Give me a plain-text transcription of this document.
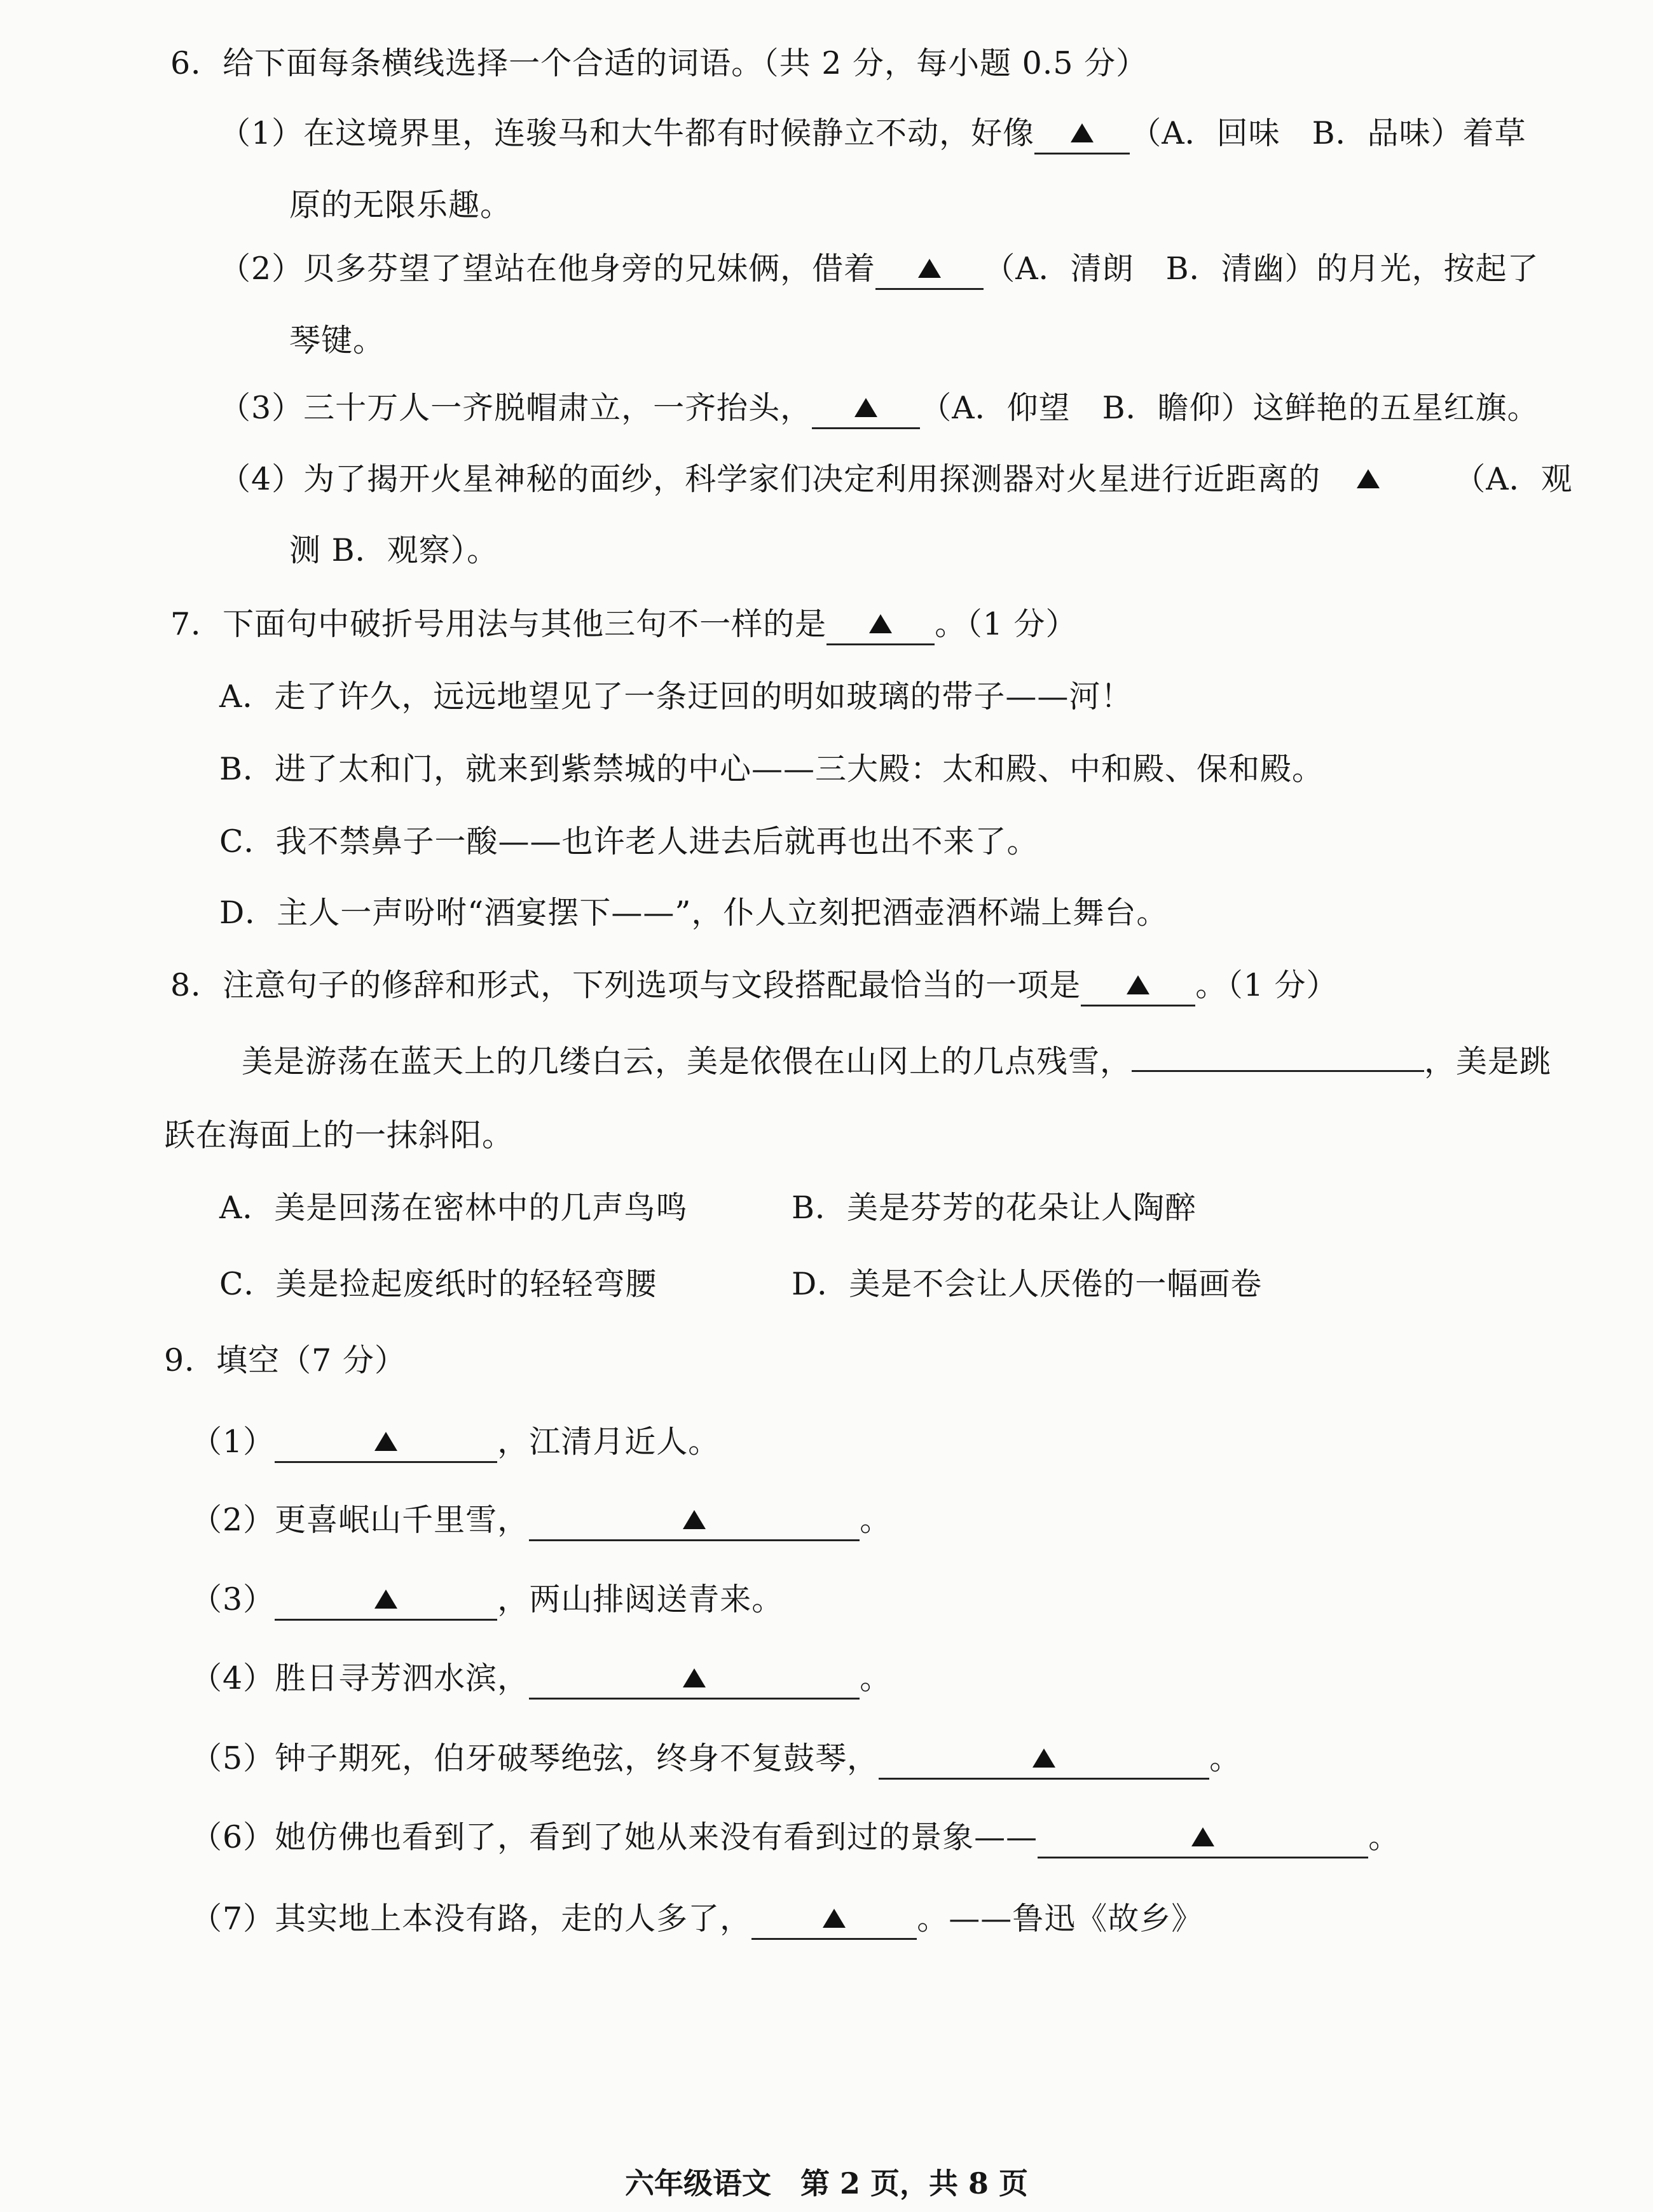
6．给下面每条横线选择一个合适的词语。（共 2 分，每小题 0.5 分）
（1）在这境界里，连骏马和大牛都有时候静立不动，好像	（A．回味　B．品味）着草
原的无限乐趣。
（2）贝多芬望了望站在他身旁的兄妹俩，借着	（A．清朗　B．清幽）的月光，按起了
琴键。
（3）三十万人一齐脱帽肃立，一齐抬头，	（A．仰望　B．瞻仰）这鲜艳的五星红旗。
（4）为了揭开火星神秘的面纱，科学家们决定利用探测器对火星进行近距离的	（A．观
测 B．观察）。
7．下面句中破折号用法与其他三句不一样的是	。（1 分）
A．走了许久，远远地望见了一条迂回的明如玻璃的带子——河！
B．进了太和门，就来到紫禁城的中心——三大殿：太和殿、中和殿、保和殿。
C．我不禁鼻子一酸——也许老人进去后就再也出不来了。
D．主人一声吩咐“酒宴摆下——”，仆人立刻把酒壶酒杯端上舞台。
8．注意句子的修辞和形式，下列选项与文段搭配最恰当的一项是	。（1 分）
美是游荡在蓝天上的几缕白云，美是依偎在山冈上的几点残雪，	，美是跳
跃在海面上的一抹斜阳。
A．美是回荡在密林中的几声鸟鸣	B．美是芬芳的花朵让人陶醉
C．美是捡起废纸时的轻轻弯腰	D．美是不会让人厌倦的一幅画卷
9．填空（7 分）
（1）	，江清月近人。
（2）更喜岷山千里雪，	。
（3）	，两山排闼送青来。
（4）胜日寻芳泗水滨，	。
（5）钟子期死，伯牙破琴绝弦，终身不复鼓琴，	。
（6）她仿佛也看到了，看到了她从来没有看到过的景象——	。
（7）其实地上本没有路，走的人多了，	。——鲁迅《故乡》
六年级语文　第 2 页，共 8 页
